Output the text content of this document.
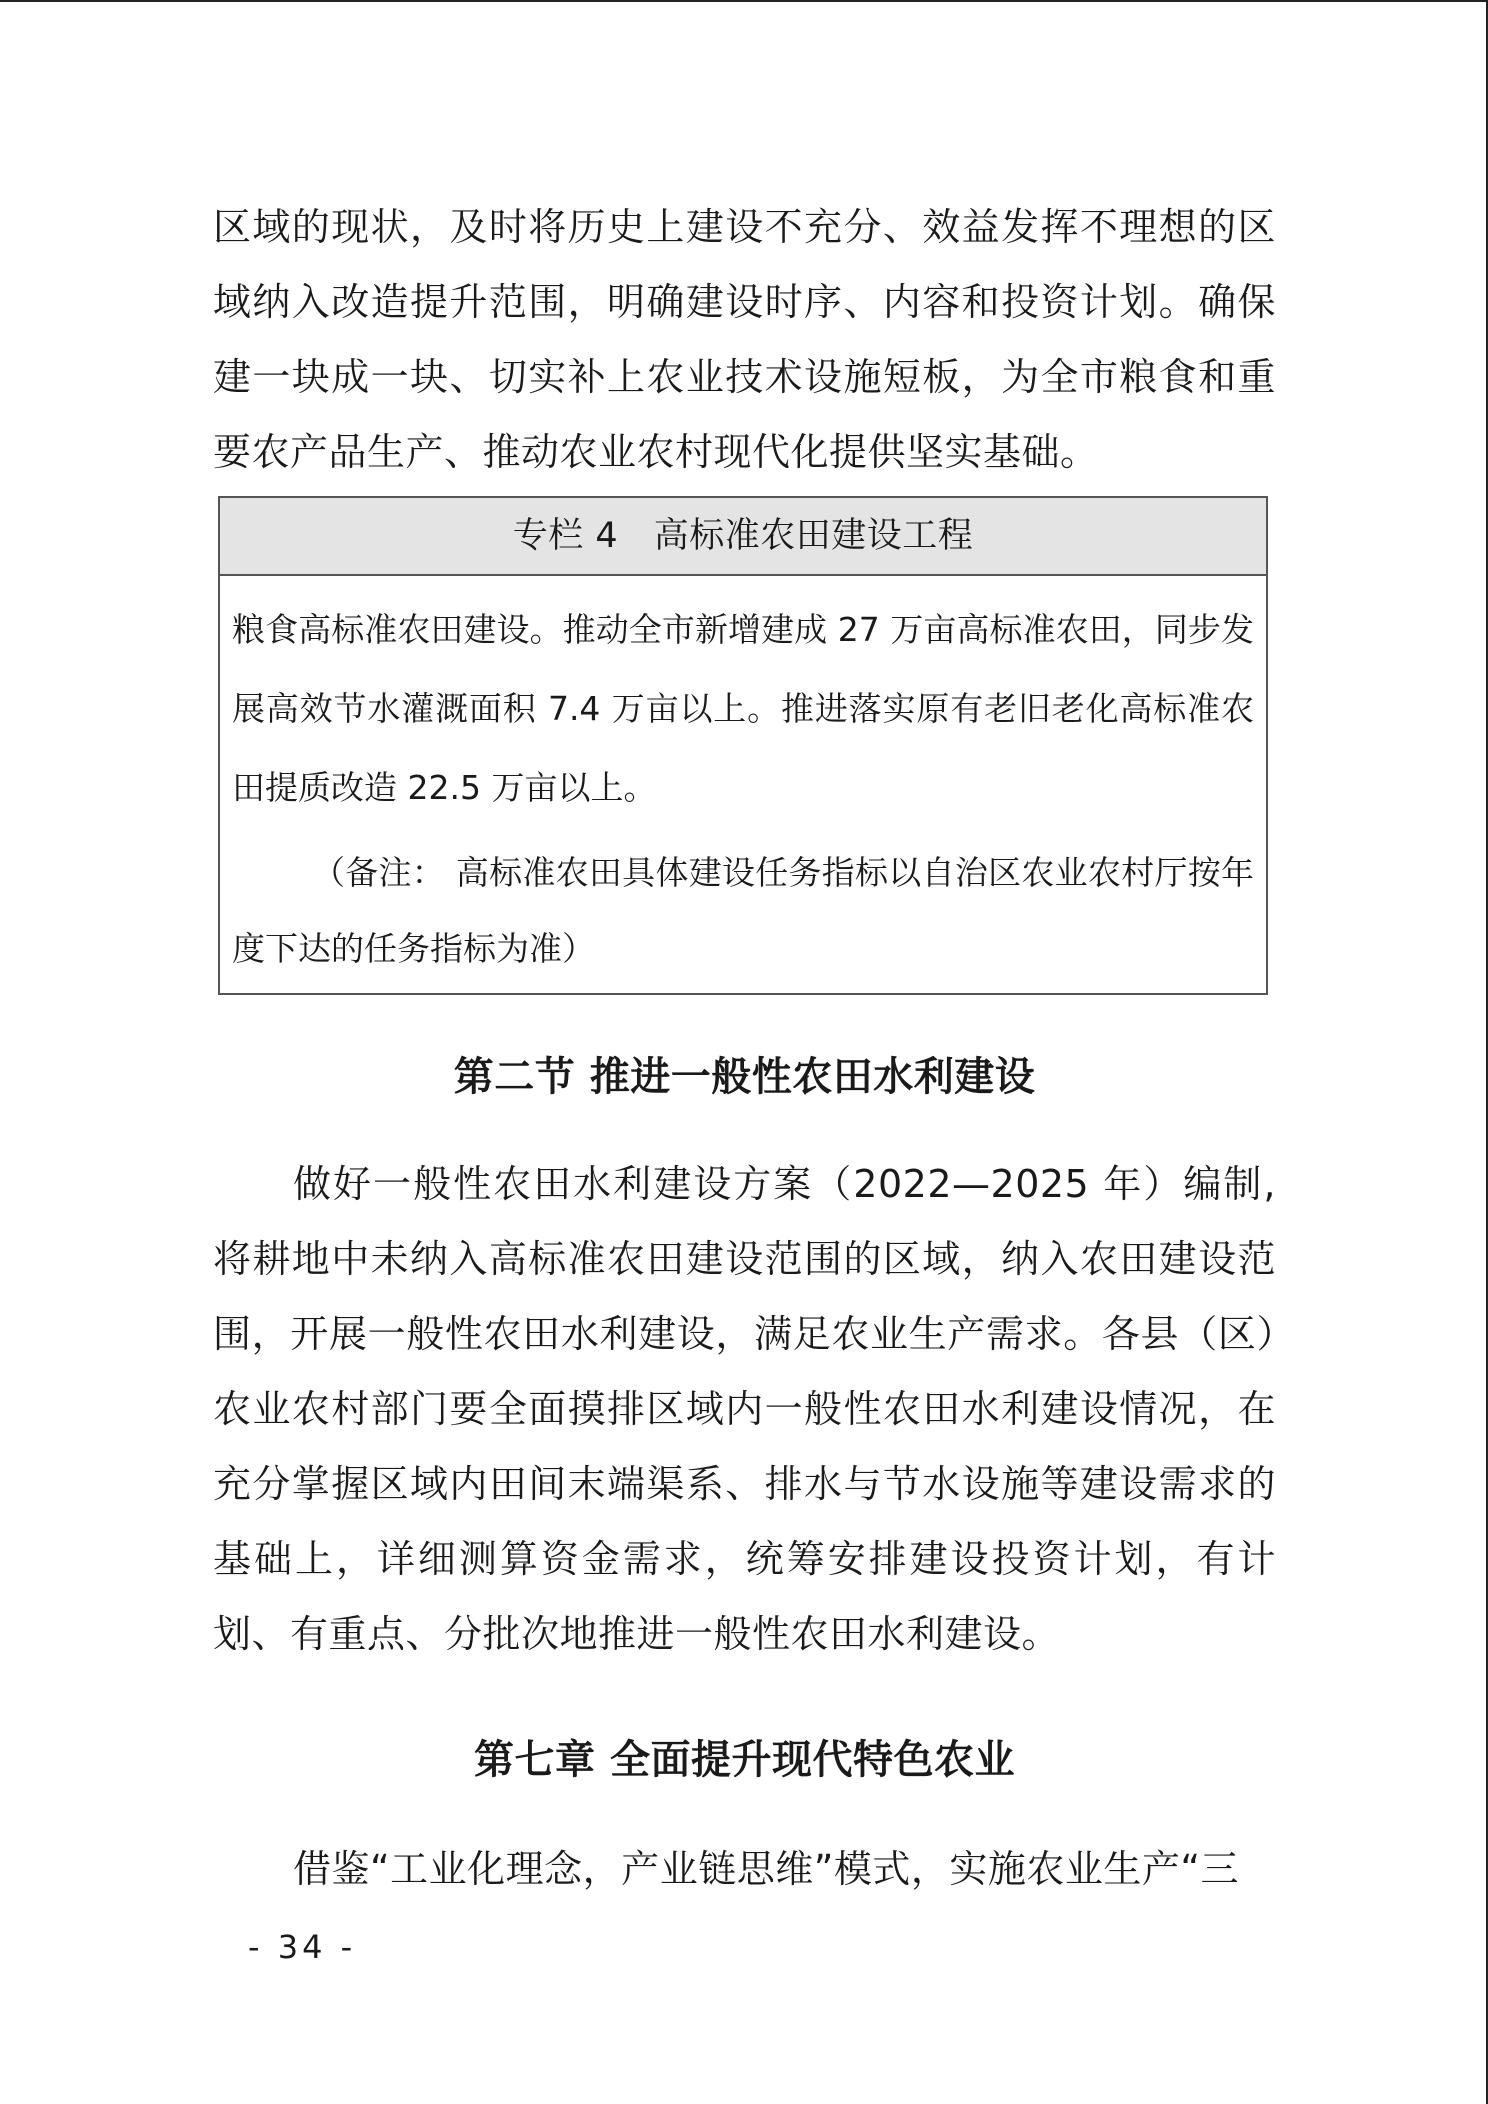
区域的现状，及时将历史上建设不充分、效益发挥不理想的区域纳入改造提升范围，明确建设时序、内容和投资计划。确保建一块成一块、切实补上农业技术设施短板，为全市粮食和重要农产品生产、推动农业农村现代化提供坚实基础。

专栏 4　高标准农田建设工程

粮食高标准农田建设。推动全市新增建成 27 万亩高标准农田，同步发展高效节水灌溉面积 7.4 万亩以上。推进落实原有老旧老化高标准农田提质改造 22.5 万亩以上。

（备注： 高标准农田具体建设任务指标以自治区农业农村厅按年度下达的任务指标为准）

第二节 推进一般性农田水利建设

做好一般性农田水利建设方案（2022—2025 年）编制,将耕地中未纳入高标准农田建设范围的区域，纳入农田建设范围，开展一般性农田水利建设，满足农业生产需求。各县（区）农业农村部门要全面摸排区域内一般性农田水利建设情况，在充分掌握区域内田间末端渠系、排水与节水设施等建设需求的基础上，详细测算资金需求，统筹安排建设投资计划，有计划、有重点、分批次地推进一般性农田水利建设。

第七章 全面提升现代特色农业

借鉴“工业化理念，产业链思维”模式，实施农业生产“三

- 34 -
